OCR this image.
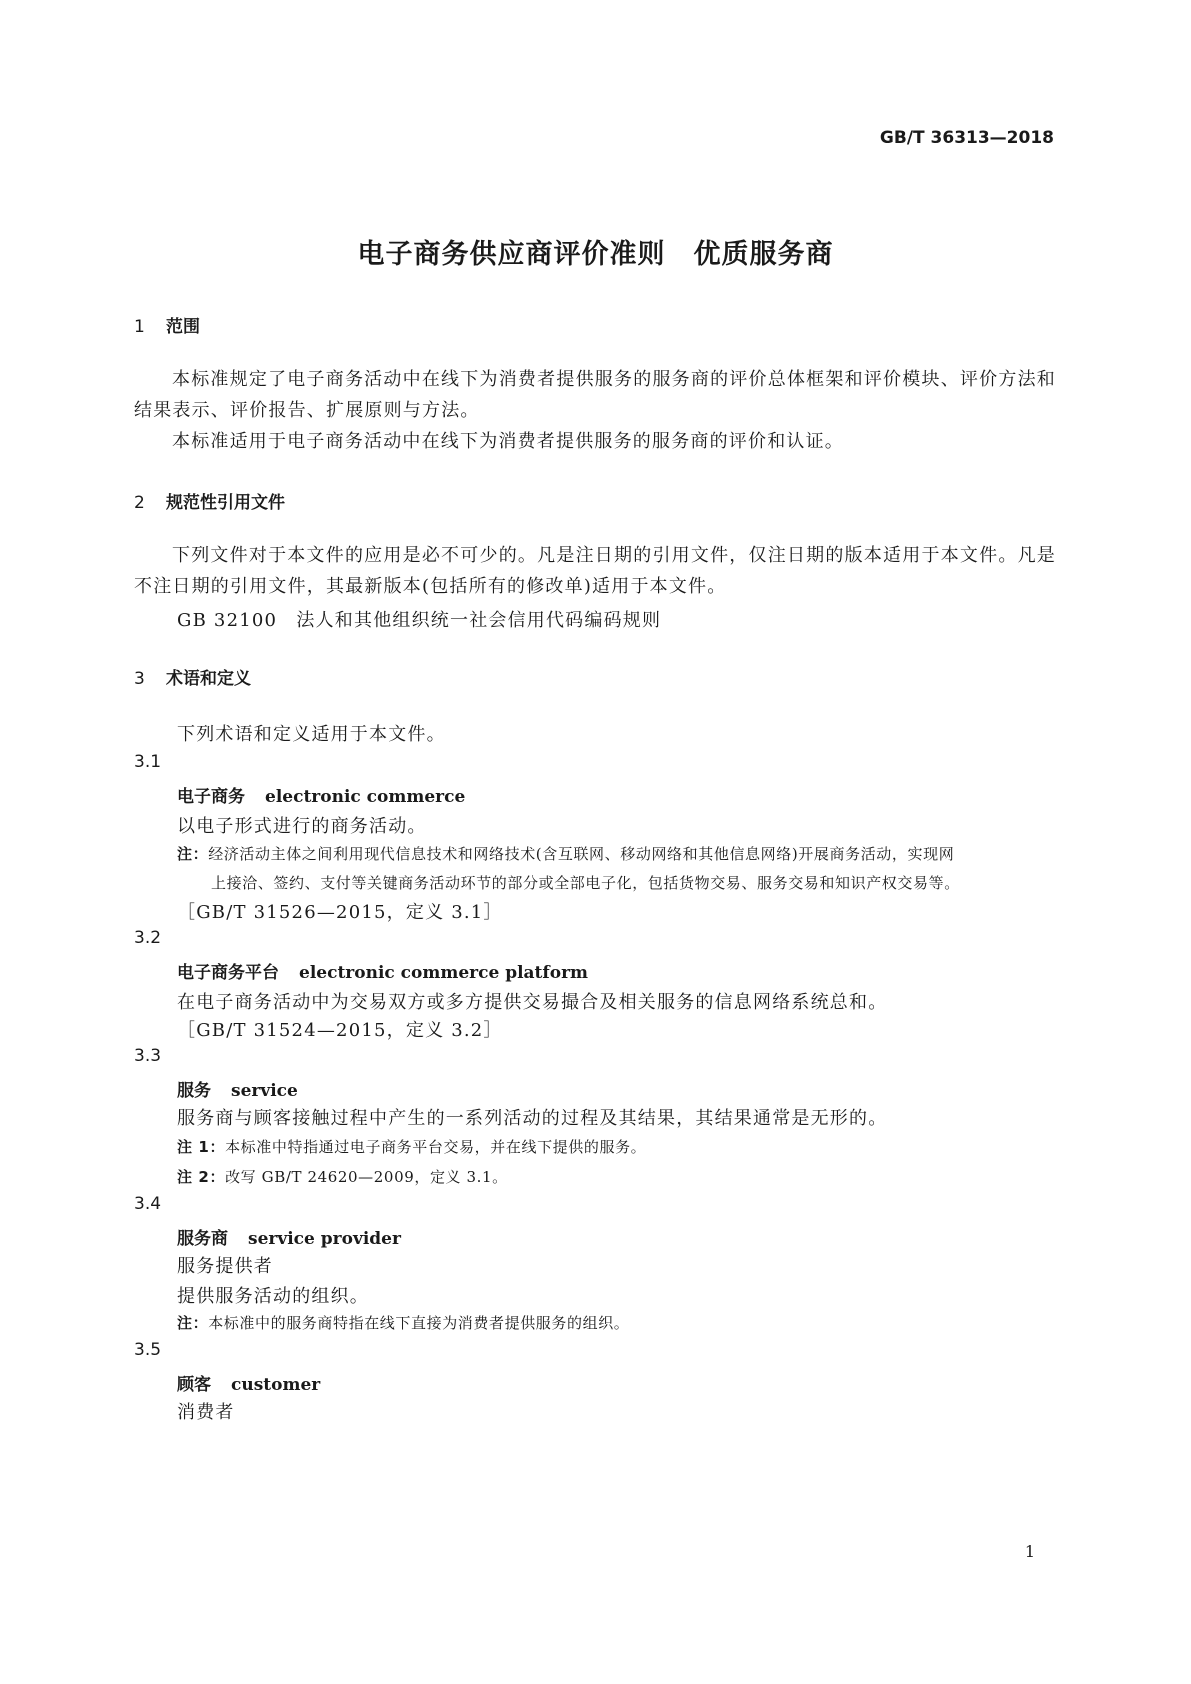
GB/T 36313—2018
电子商务供应商评价准则　优质服务商
1 范围
本标准规定了电子商务活动中在线下为消费者提供服务的服务商的评价总体框架和评价模块、评价方法和结果表示、评价报告、扩展原则与方法。
本标准适用于电子商务活动中在线下为消费者提供服务的服务商的评价和认证。
2 规范性引用文件
下列文件对于本文件的应用是必不可少的。凡是注日期的引用文件，仅注日期的版本适用于本文件。凡是不注日期的引用文件，其最新版本(包括所有的修改单)适用于本文件。
GB 32100　法人和其他组织统一社会信用代码编码规则
3 术语和定义
下列术语和定义适用于本文件。
3.1
电子商务 electronic commerce
以电子形式进行的商务活动。
注：经济活动主体之间利用现代信息技术和网络技术(含互联网、移动网络和其他信息网络)开展商务活动，实现网
上接洽、签约、支付等关键商务活动环节的部分或全部电子化，包括货物交易、服务交易和知识产权交易等。
［GB/T 31526—2015，定义 3.1］
3.2
电子商务平台 electronic commerce platform
在电子商务活动中为交易双方或多方提供交易撮合及相关服务的信息网络系统总和。
［GB/T 31524—2015，定义 3.2］
3.3
服务 service
服务商与顾客接触过程中产生的一系列活动的过程及其结果，其结果通常是无形的。
注 1：本标准中特指通过电子商务平台交易，并在线下提供的服务。
注 2：改写 GB/T 24620—2009，定义 3.1。
3.4
服务商 service provider
服务提供者
提供服务活动的组织。
注：本标准中的服务商特指在线下直接为消费者提供服务的组织。
3.5
顾客 customer
消费者
1
